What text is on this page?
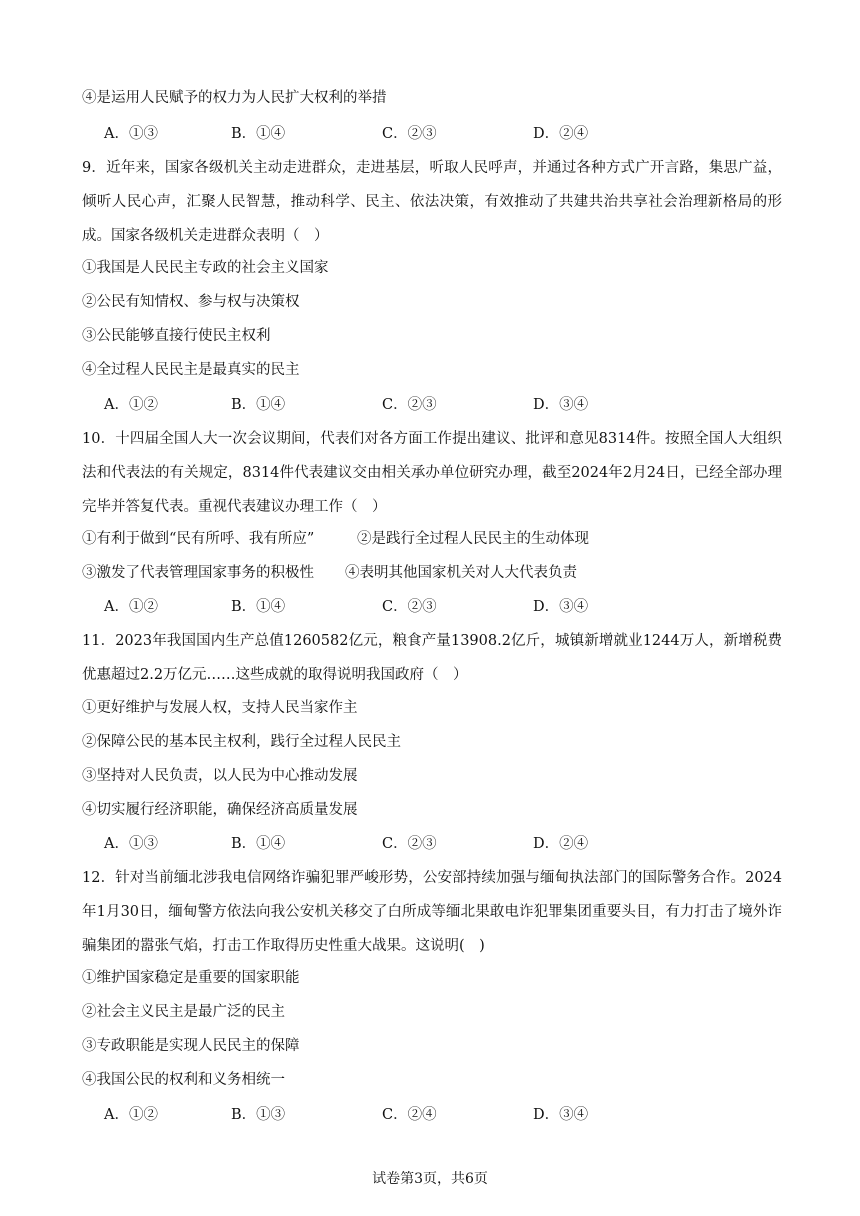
④是运用人民赋予的权力为人民扩大权利的举措
A．①③	B．①④	C．②③	D．②④
9．近年来，国家各级机关主动走进群众，走进基层，听取人民呼声，并通过各种方式广开言路，集思广益，倾听人民心声，汇聚人民智慧，推动科学、民主、依法决策，有效推动了共建共治共享社会治理新格局的形成。国家各级机关走进群众表明（　）
①我国是人民民主专政的社会主义国家
②公民有知情权、参与权与决策权
③公民能够直接行使民主权利
④全过程人民民主是最真实的民主
A．①②	B．①④	C．②③	D．③④
10．十四届全国人大一次会议期间，代表们对各方面工作提出建议、批评和意见8314件。按照全国人大组织法和代表法的有关规定，8314件代表建议交由相关承办单位研究办理，截至2024年2月24日，已经全部办理完毕并答复代表。重视代表建议办理工作（　）
①有利于做到“民有所呼、我有所应”	②是践行全过程人民民主的生动体现
③激发了代表管理国家事务的积极性 ④表明其他国家机关对人大代表负责
A．①②	B．①④	C．②③	D．③④
11．2023年我国国内生产总值1260582亿元，粮食产量13908.2亿斤，城镇新增就业1244万人，新增税费优惠超过2.2万亿元……这些成就的取得说明我国政府（　）
①更好维护与发展人权，支持人民当家作主
②保障公民的基本民主权利，践行全过程人民民主
③坚持对人民负责，以人民为中心推动发展
④切实履行经济职能，确保经济高质量发展
A．①③	B．①④	C．②③	D．②④
12．针对当前缅北涉我电信网络诈骗犯罪严峻形势，公安部持续加强与缅甸执法部门的国际警务合作。2024年1月30日，缅甸警方依法向我公安机关移交了白所成等缅北果敢电诈犯罪集团重要头目，有力打击了境外诈骗集团的嚣张气焰，打击工作取得历史性重大战果。这说明(　)
①维护国家稳定是重要的国家职能
②社会主义民主是最广泛的民主
③专政职能是实现人民民主的保障
④我国公民的权利和义务相统一
A．①②	B．①③	C．②④	D．③④
试卷第3页，共6页
